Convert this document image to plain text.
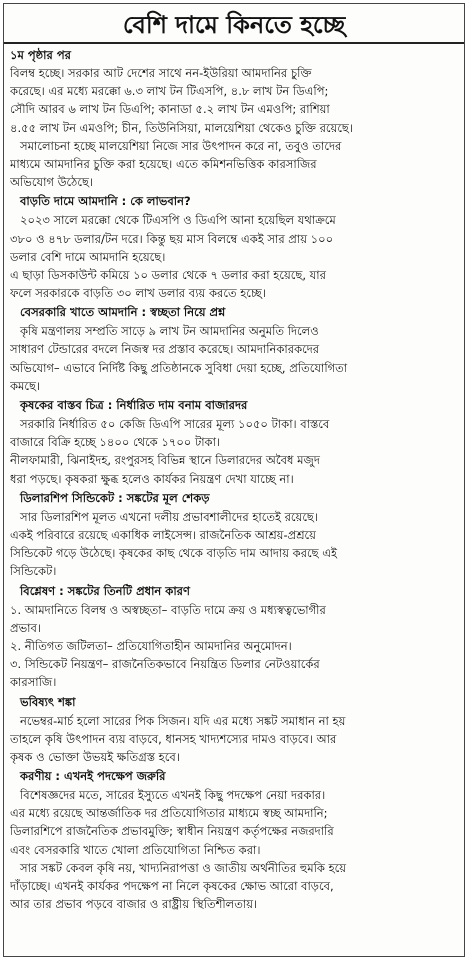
বেশি দামে কিনতে হচ্ছে
১ম পৃষ্ঠার পর

বিলম্ব হচ্ছে। সরকার আট দেশের সাথে নন-ইউরিয়া আমদানির চুক্তি
করেছে। এর মধ্যে মরক্কো ৬.৩ লাখ টন টিএসপি, ৪.৮ লাখ টন ডিএপি;
সৌদি আরব ৬ লাখ টন ডিএপি; কানাডা ৫.২ লাখ টন এমওপি; রাশিয়া
৪.৫৫ লাখ টন এমওপি; চীন, তিউনিসিয়া, মালয়েশিয়া থেকেও চুক্তি রয়েছে।
সমালোচনা হচ্ছে মালয়েশিয়া নিজে সার উৎপাদন করে না, তবুও তাদের
মাধ্যমে আমদানির চুক্তি করা হয়েছে। এতে কমিশনভিত্তিক কারসাজির
অভিযোগ উঠেছে।

বাড়তি দামে আমদানি : কে লাভবান?

২০২৩ সালে মরক্কো থেকে টিএসপি ও ডিএপি আনা হয়েছিল যথাক্রমে
৩৮০ ও ৪৭৮ ডলার/টন দরে। কিন্তু ছয় মাস বিলম্বে একই সার প্রায় ১০০
ডলার বেশি দামে আমদানি হয়েছে।
এ ছাড়া ডিসকাউন্ট কমিয়ে ১০ ডলার থেকে ৭ ডলার করা হয়েছে, যার
ফলে সরকারকে বাড়তি ৩০ লাখ ডলার ব্যয় করতে হচ্ছে।

বেসরকারি খাতে আমদানি : স্বচ্ছতা নিয়ে প্রশ্ন

কৃষি মন্ত্রণালয় সম্প্রতি সাড়ে ৯ লাখ টন আমদানির অনুমতি দিলেও
সাধারণ টেন্ডারের বদলে নিজস্ব দর প্রস্তাব করেছে। আমদানিকারকদের
অভিযোগ– এভাবে নির্দিষ্ট কিছু প্রতিষ্ঠানকে সুবিধা দেয়া হচ্ছে, প্রতিযোগিতা
কমছে।

কৃষকের বাস্তব চিত্র : নির্ধারিত দাম বনাম বাজারদর

সরকারি নির্ধারিত ৫০ কেজি ডিএপি সারের মূল্য ১০৫০ টাকা। বাস্তবে
বাজারে বিক্রি হচ্ছে ১৪০০ থেকে ১৭০০ টাকা।
নীলফামারী, ঝিনাইদহ, রংপুরসহ বিভিন্ন স্থানে ডিলারদের অবৈধ মজুদ
ধরা পড়ছে। কৃষকরা ক্ষুব্ধ হলেও কার্যকর নিয়ন্ত্রণ দেখা যাচ্ছে না।

ডিলারশিপ সিন্ডিকেট : সঙ্কটের মূল শেকড়

সার ডিলারশিপ মূলত এখনো দলীয় প্রভাবশালীদের হাতেই রয়েছে।
একই পরিবারে রয়েছে একাধিক লাইসেন্স। রাজনৈতিক আশ্রয়-প্রশ্রয়ে
সিন্ডিকেট গড়ে উঠেছে। কৃষকের কাছ থেকে বাড়তি দাম আদায় করছে এই
সিন্ডিকেট।

বিশ্লেষণ : সঙ্কটের তিনটি প্রধান কারণ
১. আমদানিতে বিলম্ব ও অস্বচ্ছতা– বাড়তি দামে ক্রয় ও মধ্যস্বত্বভোগীর
প্রভাব।
২. নীতিগত জটিলতা– প্রতিযোগিতাহীন আমদানির অনুমোদন।
৩. সিন্ডিকেট নিয়ন্ত্রণ– রাজনৈতিকভাবে নিয়ন্ত্রিত ডিলার নেটওয়ার্কের
কারসাজি।
ভবিষ্যৎ শঙ্কা

নভেম্বর-মার্চ হলো সারের পিক সিজন। যদি এর মধ্যে সঙ্কট সমাধান না হয়
তাহলে কৃষি উৎপাদন ব্যয় বাড়বে, ধানসহ খাদ্যশস্যের দামও বাড়বে। আর
কৃষক ও ভোক্তা উভয়ই ক্ষতিগ্রস্ত হবে।

করণীয় : এখনই পদক্ষেপ জরুরি

বিশেষজ্ঞদের মতে, সারের ইস্যুতে এখনই কিছু পদক্ষেপ নেয়া দরকার।
এর মধ্যে রয়েছে আন্তর্জাতিক দর প্রতিযোগিতার মাধ্যমে স্বচ্ছ আমদানি;
ডিলারশিপে রাজনৈতিক প্রভাবমুক্তি; স্বাধীন নিয়ন্ত্রণ কর্তৃপক্ষের নজরদারি
এবং বেসরকারি খাতে খোলা প্রতিযোগিতা নিশ্চিত করা।
সার সঙ্কট কেবল কৃষি নয়, খাদ্যনিরাপত্তা ও জাতীয় অর্থনীতির হুমকি হয়ে
দাঁড়াচ্ছে। এখনই কার্যকর পদক্ষেপ না নিলে কৃষকের ক্ষোভ আরো বাড়বে,
আর তার প্রভাব পড়বে বাজার ও রাষ্ট্রীয় স্থিতিশীলতায়।
